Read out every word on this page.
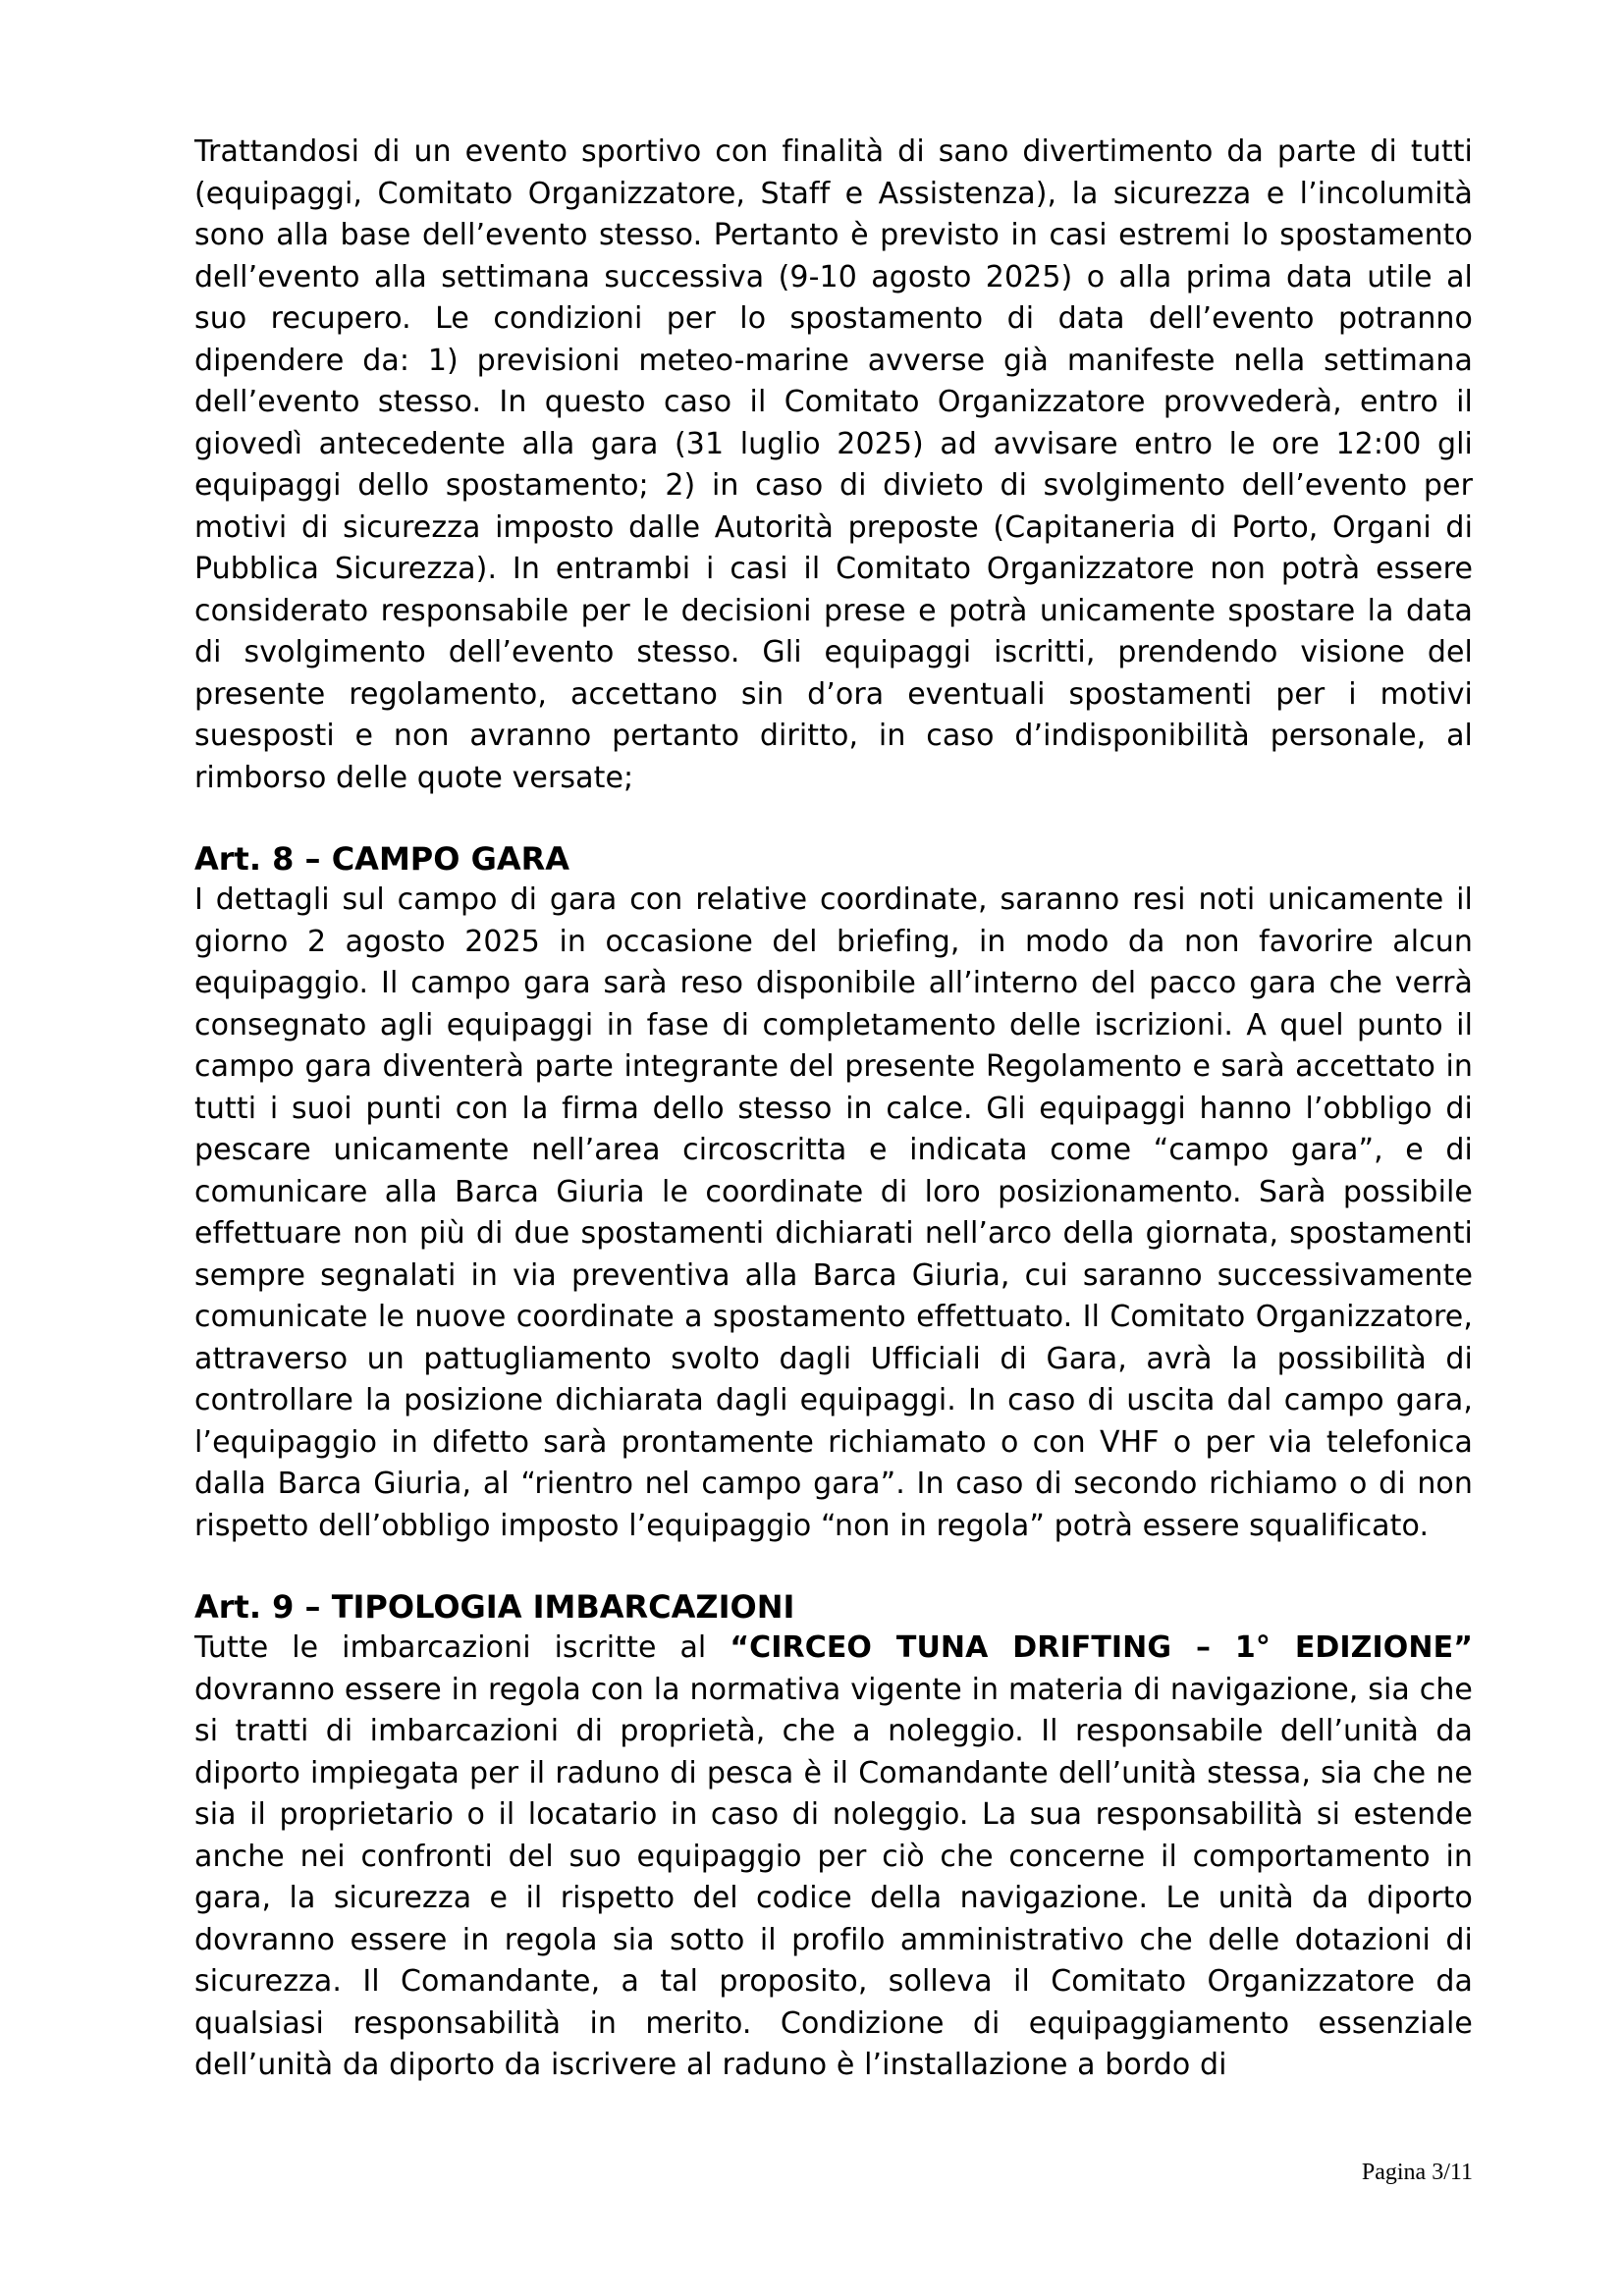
Trattandosi di un evento sportivo con finalità di sano divertimento da parte di tutti (equipaggi, Comitato Organizzatore, Staff e Assistenza), la sicurezza e l’incolumità sono alla base dell’evento stesso. Pertanto è previsto in casi estremi lo spostamento dell’evento alla settimana successiva (9-10 agosto 2025) o alla prima data utile al suo recupero. Le condizioni per lo spostamento di data dell’evento potranno dipendere da: 1) previsioni meteo-marine avverse già manifeste nella settimana dell’evento stesso. In questo caso il Comitato Organizzatore provvederà, entro il giovedì antecedente alla gara (31 luglio 2025) ad avvisare entro le ore 12:00 gli equipaggi dello spostamento; 2) in caso di divieto di svolgimento dell’evento per motivi di sicurezza imposto dalle Autorità preposte (Capitaneria di Porto, Organi di Pubblica Sicurezza). In entrambi i casi il Comitato Organizzatore non potrà essere considerato responsabile per le decisioni prese e potrà unicamente spostare la data di svolgimento dell’evento stesso. Gli equipaggi iscritti, prendendo visione del presente regolamento, accettano sin d’ora eventuali spostamenti per i motivi suesposti e non avranno pertanto diritto, in caso d’indisponibilità personale, al rimborso delle quote versate;

Art. 8 – CAMPO GARA

I dettagli sul campo di gara con relative coordinate, saranno resi noti unicamente il giorno 2 agosto 2025 in occasione del briefing, in modo da non favorire alcun equipaggio. Il campo gara sarà reso disponibile all’interno del pacco gara che verrà consegnato agli equipaggi in fase di completamento delle iscrizioni. A quel punto il campo gara diventerà parte integrante del presente Regolamento e sarà accettato in tutti i suoi punti con la firma dello stesso in calce. Gli equipaggi hanno l’obbligo di pescare unicamente nell’area circoscritta e indicata come “campo gara”, e di comunicare alla Barca Giuria le coordinate di loro posizionamento. Sarà possibile effettuare non più di due spostamenti dichiarati nell’arco della giornata, spostamenti sempre segnalati in via preventiva alla Barca Giuria, cui saranno successivamente comunicate le nuove coordinate a spostamento effettuato. Il Comitato Organizzatore, attraverso un pattugliamento svolto dagli Ufficiali di Gara, avrà la possibilità di controllare la posizione dichiarata dagli equipaggi. In caso di uscita dal campo gara, l’equipaggio in difetto sarà prontamente richiamato o con VHF o per via telefonica dalla Barca Giuria, al “rientro nel campo gara”. In caso di secondo richiamo o di non rispetto dell’obbligo imposto l’equipaggio “non in regola” potrà essere squalificato.

Art. 9 – TIPOLOGIA IMBARCAZIONI

Tutte le imbarcazioni iscritte al “CIRCEO TUNA DRIFTING – 1° EDIZIONE” dovranno essere in regola con la normativa vigente in materia di navigazione, sia che si tratti di imbarcazioni di proprietà, che a noleggio. Il responsabile dell’unità da diporto impiegata per il raduno di pesca è il Comandante dell’unità stessa, sia che ne sia il proprietario o il locatario in caso di noleggio. La sua responsabilità si estende anche nei confronti del suo equipaggio per ciò che concerne il comportamento in gara, la sicurezza e il rispetto del codice della navigazione. Le unità da diporto dovranno essere in regola sia sotto il profilo amministrativo che delle dotazioni di sicurezza. Il Comandante, a tal proposito, solleva il Comitato Organizzatore da qualsiasi responsabilità in merito. Condizione di equipaggiamento essenziale dell’unità da diporto da iscrivere al raduno è l’installazione a bordo di

Pagina 3/11
